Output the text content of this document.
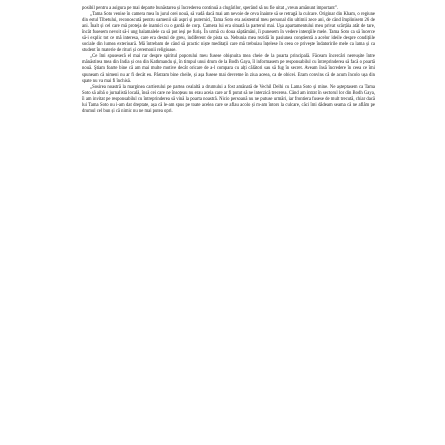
posibil pentru a asigura pe mai departe bunăstarea și încrederea continuă a clugărilor, sperând să nu fie uitat „vreun amănunt important”.

„Tama Soto venise în camera mea în jurul orei nouă, să vadă dacă mai am nevoie de ceva înainte să se retragă la culcare. Originar din Kham, o regiune din estul Tibetului, reconoscută pentru oamenii săi aspri și puternici, Tama Soto era asistentul meu personal din ultimii zece ani, de când împlinisem 26 de ani. Înalt și cel care mă proteja de inamici cu o gardă de corp. Camera lui era situată la parterul mai. Uşa apartamentului meu privat scârțâia atât de tare, încât fusesem nevoit să-i ung balamalele ca să pot ieși pe furiș. În urmă cu doua săptămâni, îi punesem în vedere intenţiile mele. Tama Soto ca să încerce să-i explic tot ce mă interesa, care era destul de greu, indiferent de pista sa. Nebunia mea rezidă în pasiunea conștientă a acelor ideile despre condițiile sociale din lumea exterioară. Mă întrebam de când să practic niște meditații care mă trebuiau înțelese în ceea ce priveşte îndatoririle mele ca lama și ca student în materie de rituri și ceremonii religioase.

„Ce îmi spuseseră el mai rar despre spiritul poporului meu fusese obișnuita mea cheie de la poarta principală. Făceam încercări nereușite între mănăstirea mea din India și cea din Kathmandu și, în timpul unui drum de la Bodh Gaya, îl informasem pe responsabilul cu întreprinderea să facă o poartă nouă. Ştiam foarte bine că am mai multe motive decât oricare de a-l compara cu alți călători sau să fug în secret. Aveam însă încredere în ceea ce îmi spuneam că nimeni nu ar fi decât eu. Păstram bine cheile, și așa fusese mai devreme în ziua aceea, ca de obicei. Eram convins că de acum încolo ușa din spate nu va mai fi închisă.

„Sosirea noastră la marginea cartierului pe partea cealaltă a drumului a fost amânată de Vechil Delhi cu Lama Soto și mine. Ne așteptasem ca Tama Soto să aibă o jurnalistă locală, însă cei care ne însoțeau nu erau aceia care ar fi putut să ne interzică trecerea. Când am intrat în sectorul lor din Bodh Gaya, îi am invitat pe responsabilul cu întreprinderea să vină la poarta noastră. Nicio persoană nu ne putuse urmări, iar frontiera fusese de mult trecută, chiar dacă lui Tama Soto nu i-am dat dreptate, așa că le-am spus pe toate acelea care se aflau acolo și m-am întors la culcare, căci îmi dădeam seama că ne aflăm pe drumul cel bun și că nimic nu ne mai putea opri.
